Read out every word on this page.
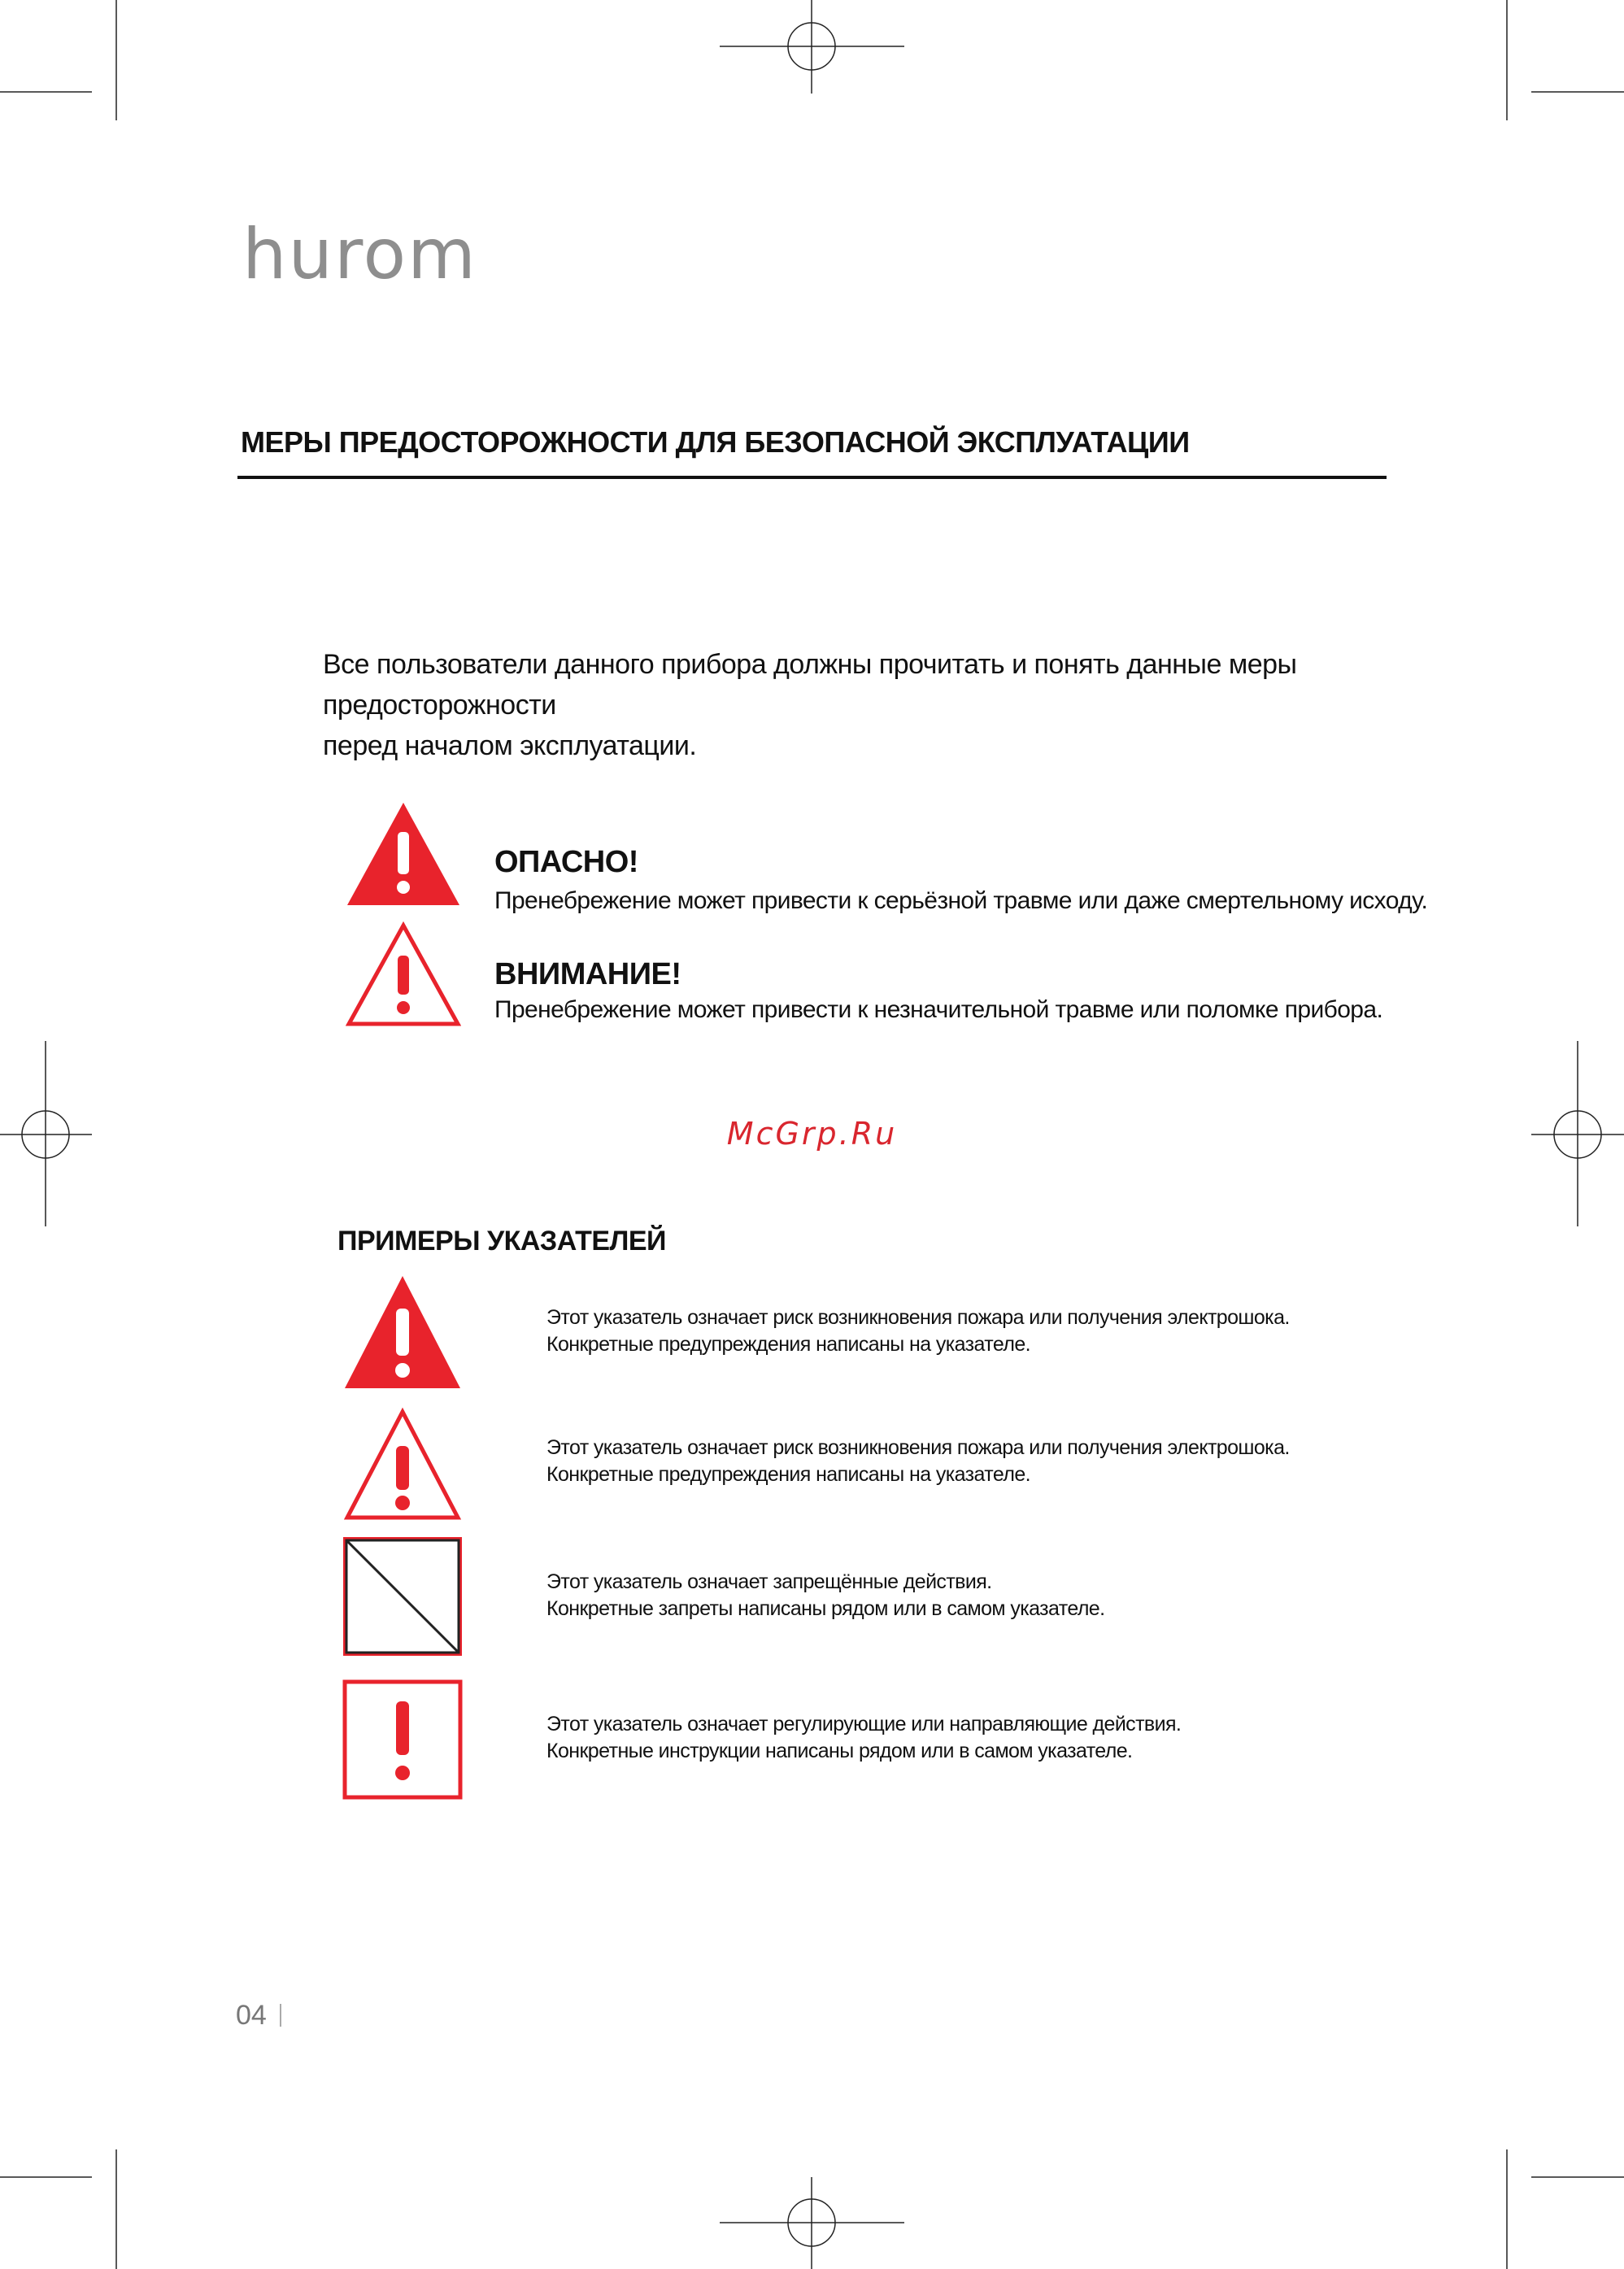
hurom
МЕРЫ ПРЕДОСТОРОЖНОСТИ ДЛЯ БЕЗОПАСНОЙ ЭКСПЛУАТАЦИИ
Все пользователи данного прибора должны прочитать и понять данные меры предосторожности
перед началом эксплуатации.
ОПАСНО!
Пренебрежение может привести к серьёзной травме или даже смертельному исходу.
ВНИМАНИЕ!
Пренебрежение может привести к незначительной травме или поломке прибора.
McGrp.Ru
ПРИМЕРЫ УКАЗАТЕЛЕЙ
Этот указатель означает риск возникновения пожара или получения электрошока.
Конкретные предупреждения написаны на указателе.
Этот указатель означает риск возникновения пожара или получения электрошока.
Конкретные предупреждения написаны на указателе.
Этот указатель означает запрещённые действия.
Конкретные запреты написаны рядом или в самом указателе.
Этот указатель означает регулирующие или направляющие действия.
Конкретные инструкции написаны рядом или в самом указателе.
04
